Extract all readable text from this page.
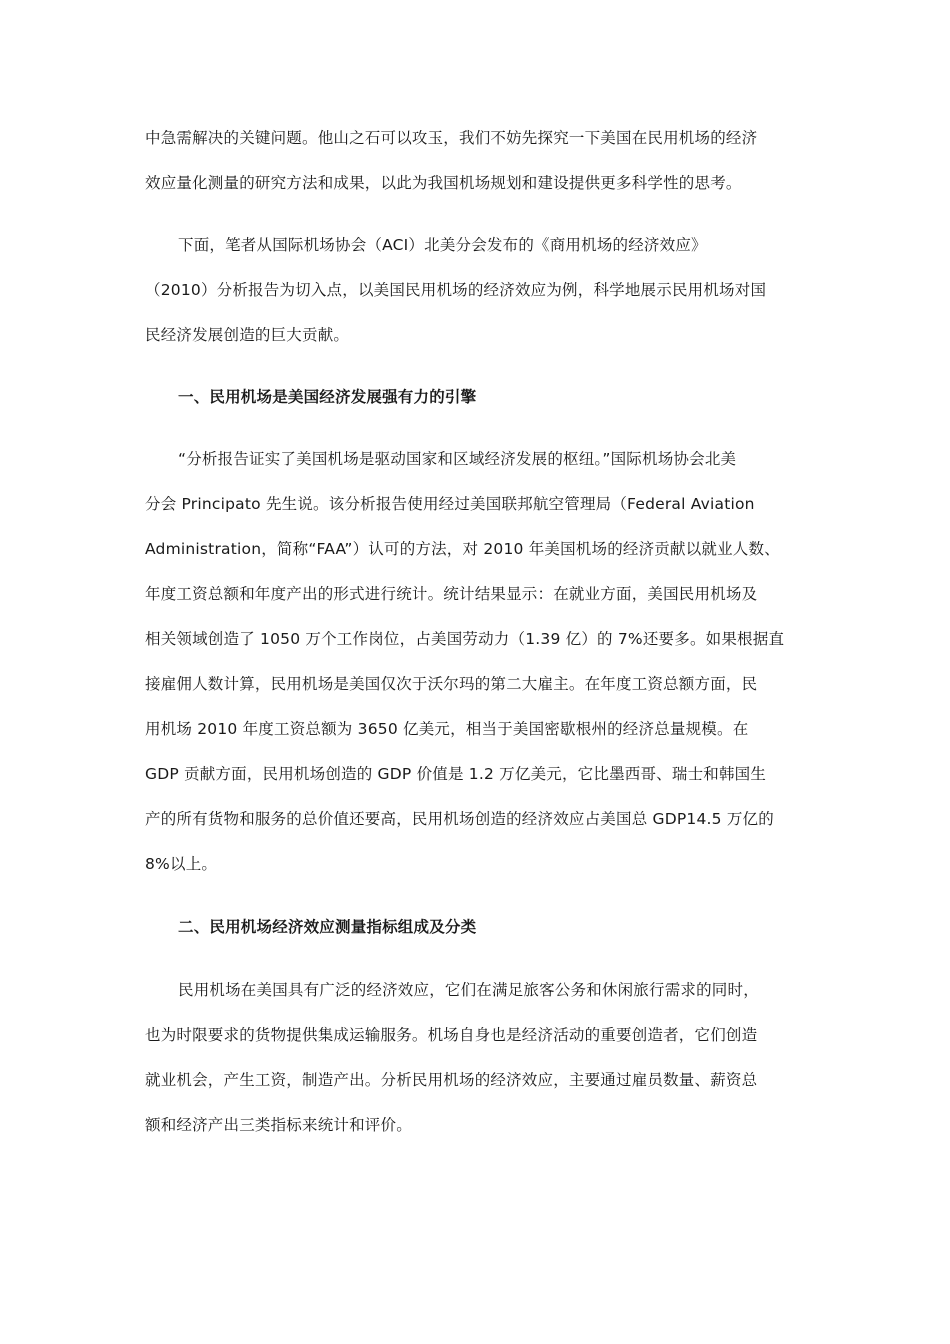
中急需解决的关键问题。他山之石可以攻玉，我们不妨先探究一下美国在民用机场的经济
效应量化测量的研究方法和成果，以此为我国机场规划和建设提供更多科学性的思考。
下面，笔者从国际机场协会（ACI）北美分会发布的《商用机场的经济效应》
（2010）分析报告为切入点，以美国民用机场的经济效应为例，科学地展示民用机场对国
民经济发展创造的巨大贡献。
一、民用机场是美国经济发展强有力的引擎
“分析报告证实了美国机场是驱动国家和区域经济发展的枢纽。”国际机场协会北美
分会 Principato 先生说。该分析报告使用经过美国联邦航空管理局（Federal Aviation
Administration，简称“FAA”）认可的方法，对 2010 年美国机场的经济贡献以就业人数、
年度工资总额和年度产出的形式进行统计。统计结果显示：在就业方面，美国民用机场及
相关领域创造了 1050 万个工作岗位，占美国劳动力（1.39 亿）的 7%还要多。如果根据直
接雇佣人数计算，民用机场是美国仅次于沃尔玛的第二大雇主。在年度工资总额方面，民
用机场 2010 年度工资总额为 3650 亿美元，相当于美国密歇根州的经济总量规模。在
GDP 贡献方面，民用机场创造的 GDP 价值是 1.2 万亿美元，它比墨西哥、瑞士和韩国生
产的所有货物和服务的总价值还要高，民用机场创造的经济效应占美国总 GDP14.5 万亿的
8%以上。
二、民用机场经济效应测量指标组成及分类
民用机场在美国具有广泛的经济效应，它们在满足旅客公务和休闲旅行需求的同时，
也为时限要求的货物提供集成运输服务。机场自身也是经济活动的重要创造者，它们创造
就业机会，产生工资，制造产出。分析民用机场的经济效应，主要通过雇员数量、薪资总
额和经济产出三类指标来统计和评价。
